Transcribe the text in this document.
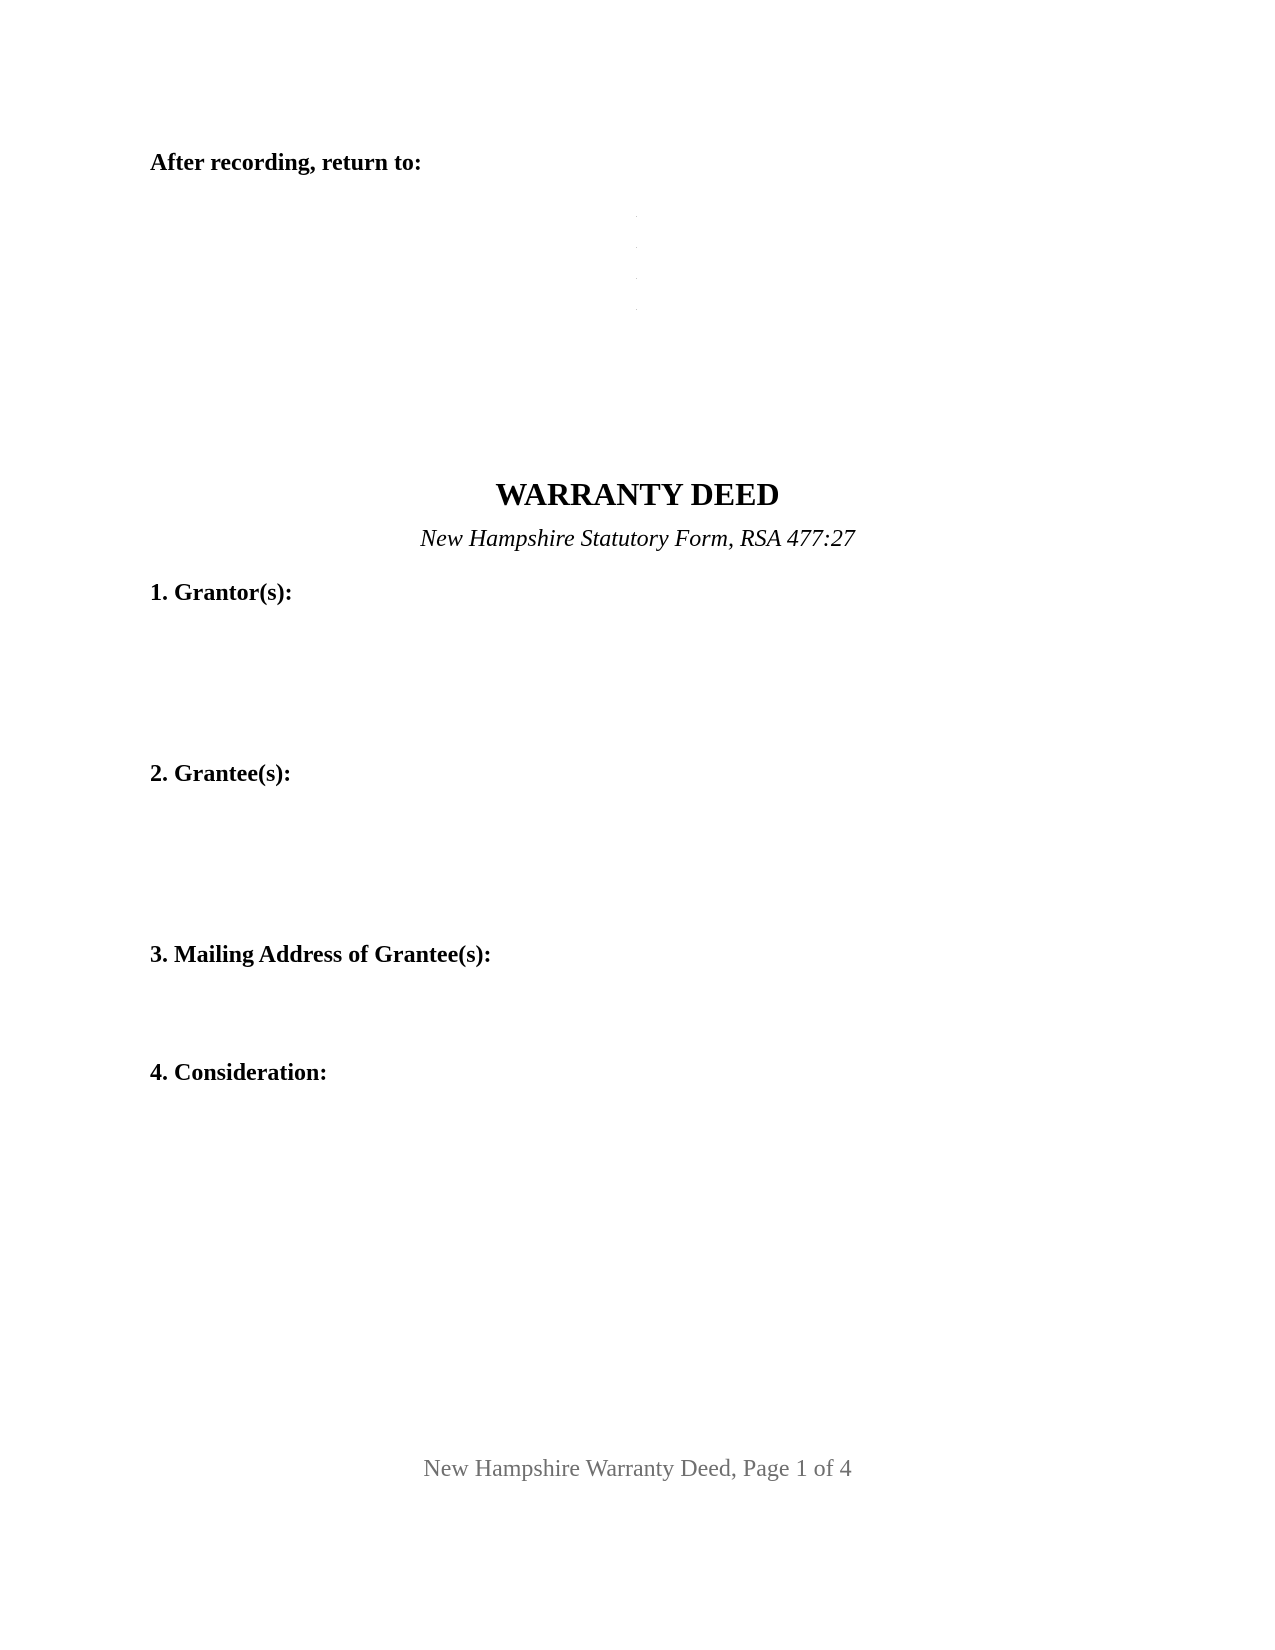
After recording, return to:
WARRANTY DEED
New Hampshire Statutory Form, RSA 477:27
1. Grantor(s):
2. Grantee(s):
3. Mailing Address of Grantee(s):
4. Consideration:
New Hampshire Warranty Deed, Page 1 of 4
